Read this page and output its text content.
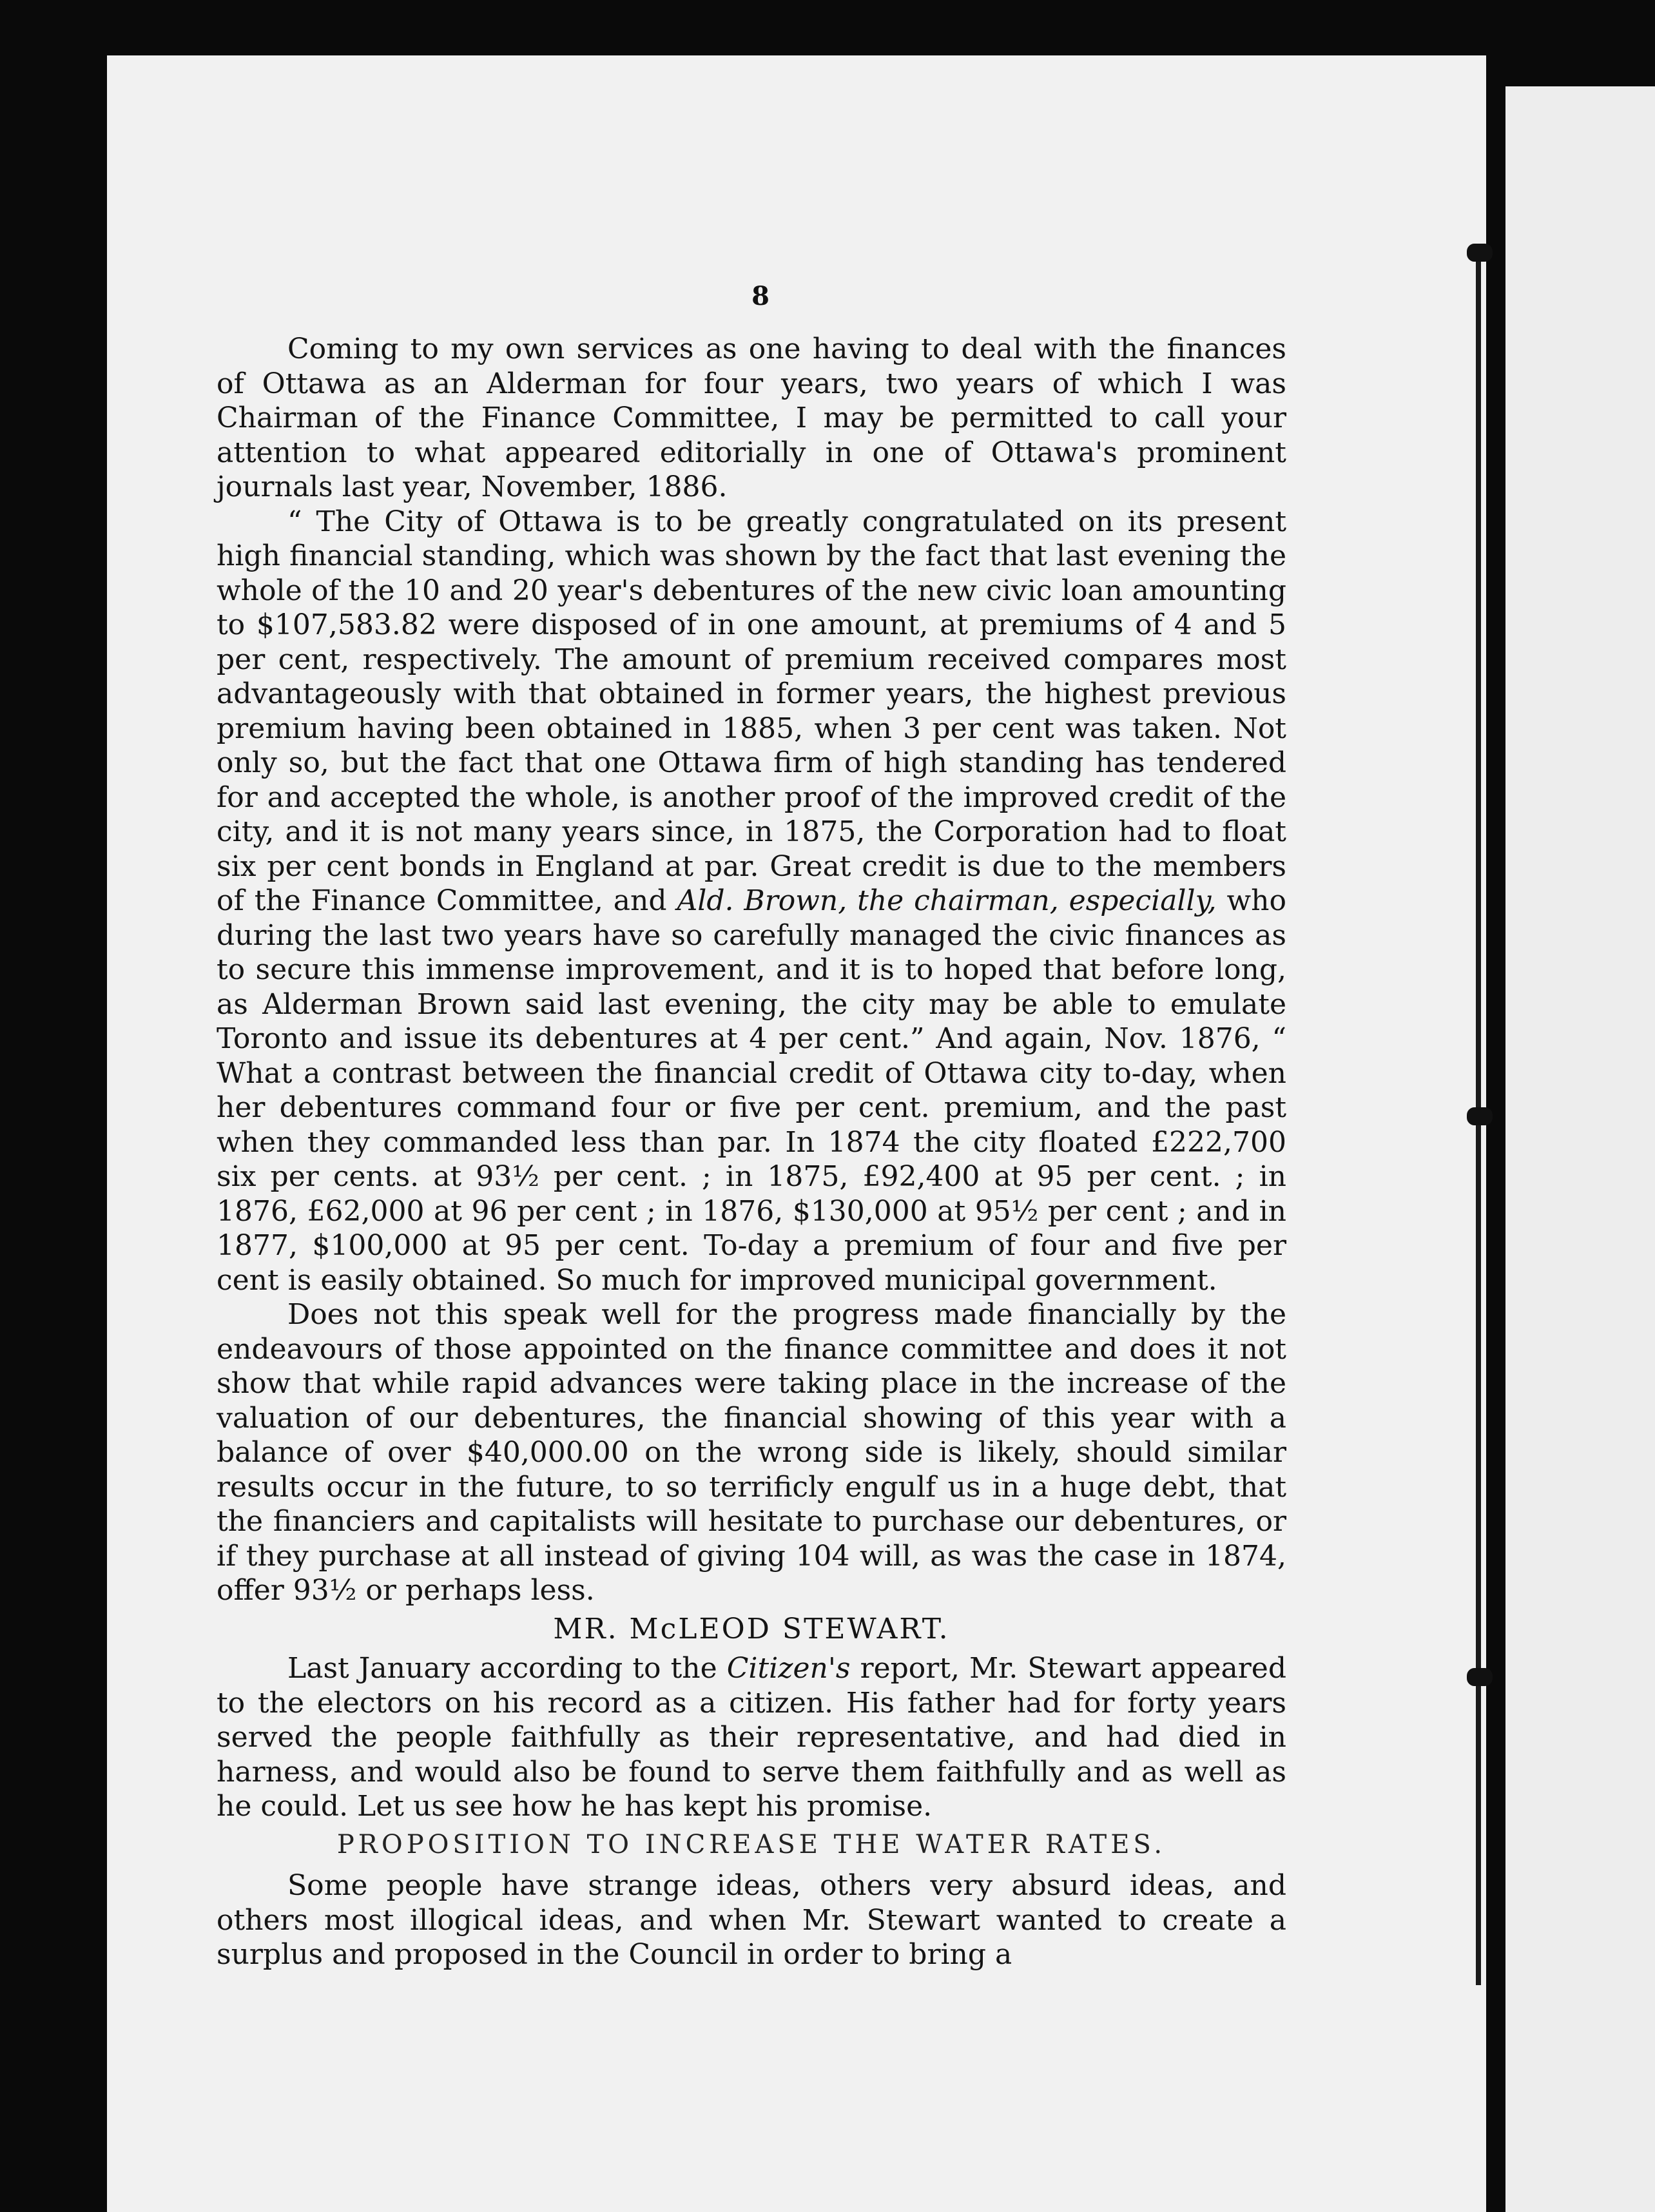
8

Coming to my own services as one having to deal with the finances of Ottawa as an Alderman for four years, two years of which I was Chairman of the Finance Committee, I may be permitted to call your attention to what appeared editorially in one of Ottawa's prominent journals last year, November, 1886.

“ The City of Ottawa is to be greatly congratulated on its present high financial standing, which was shown by the fact that last evening the whole of the 10 and 20 year's debentures of the new civic loan amounting to $107,583.82 were disposed of in one amount, at premiums of 4 and 5 per cent, respectively. The amount of premium received compares most advantageously with that obtained in former years, the highest previous premium having been obtained in 1885, when 3 per cent was taken. Not only so, but the fact that one Ottawa firm of high standing has tendered for and accepted the whole, is another proof of the improved credit of the city, and it is not many years since, in 1875, the Corporation had to float six per cent bonds in England at par. Great credit is due to the members of the Finance Committee, and Ald. Brown, the chairman, especially, who during the last two years have so carefully managed the civic finances as to secure this immense improvement, and it is to hoped that before long, as Alderman Brown said last evening, the city may be able to emulate Toronto and issue its debentures at 4 per cent.” And again, Nov. 1876, “ What a contrast between the financial credit of Ottawa city to-day, when her debentures command four or five per cent. premium, and the past when they commanded less than par. In 1874 the city floated £222,700 six per cents. at 93½ per cent. ; in 1875, £92,400 at 95 per cent. ; in 1876, £62,000 at 96 per cent ; in 1876, $130,000 at 95½ per cent ; and in 1877, $100,000 at 95 per cent. To-day a premium of four and five per cent is easily obtained. So much for improved municipal government.

Does not this speak well for the progress made financially by the endeavours of those appointed on the finance committee and does it not show that while rapid advances were taking place in the increase of the valuation of our debentures, the financial showing of this year with a balance of over $40,000.00 on the wrong side is likely, should similar results occur in the future, to so terrificly engulf us in a huge debt, that the financiers and capitalists will hesitate to purchase our debentures, or if they purchase at all instead of giving 104 will, as was the case in 1874, offer 93½ or perhaps less.

MR. McLEOD STEWART.

Last January according to the Citizen's report, Mr. Stewart appeared to the electors on his record as a citizen. His father had for forty years served the people faithfully as their representative, and had died in harness, and would also be found to serve them faithfully and as well as he could. Let us see how he has kept his promise.

PROPOSITION TO INCREASE THE WATER RATES.

Some people have strange ideas, others very absurd ideas, and others most illogical ideas, and when Mr. Stewart wanted to create a surplus and proposed in the Council in order to bring a
